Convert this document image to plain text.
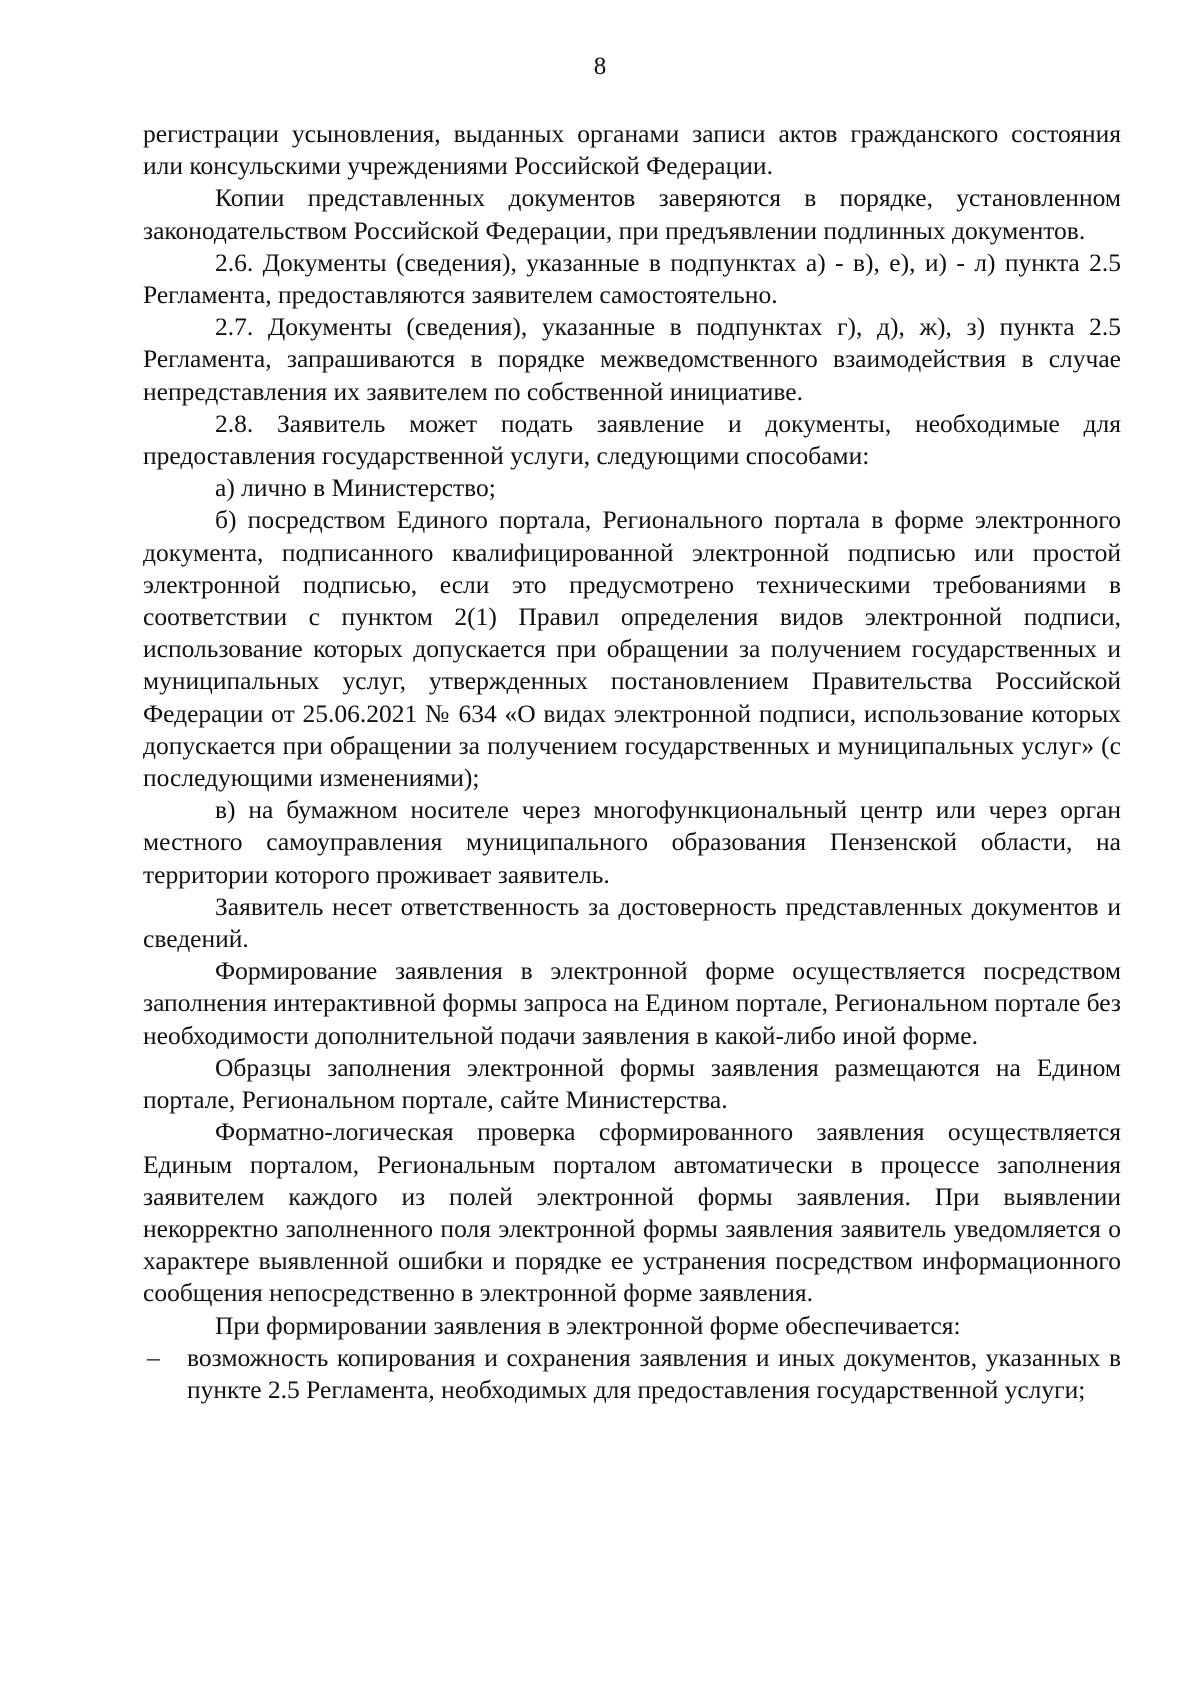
8

регистрации усыновления, выданных органами записи актов гражданского состояния или консульскими учреждениями Российской Федерации.

Копии представленных документов заверяются в порядке, установленном законодательством Российской Федерации, при предъявлении подлинных документов.

2.6. Документы (сведения), указанные в подпунктах а) - в), е), и) - л) пункта 2.5 Регламента, предоставляются заявителем самостоятельно.

2.7. Документы (сведения), указанные в подпунктах г), д), ж), з) пункта 2.5 Регламента, запрашиваются в порядке межведомственного взаимодействия в случае непредставления их заявителем по собственной инициативе.

2.8. Заявитель может подать заявление и документы, необходимые для предоставления государственной услуги, следующими способами:

а) лично в Министерство;

б) посредством Единого портала, Регионального портала в форме электронного документа, подписанного квалифицированной электронной подписью или простой электронной подписью, если это предусмотрено техническими требованиями в соответствии с пунктом 2(1) Правил определения видов электронной подписи, использование которых допускается при обращении за получением государственных и муниципальных услуг, утвержденных постановлением Правительства Российской Федерации от 25.06.2021 № 634 «О видах электронной подписи, использование которых допускается при обращении за получением государственных и муниципальных услуг» (с последующими изменениями);

в) на бумажном носителе через многофункциональный центр или через орган местного самоуправления муниципального образования Пензенской области, на территории которого проживает заявитель.

Заявитель несет ответственность за достоверность представленных документов и сведений.

Формирование заявления в электронной форме осуществляется посредством заполнения интерактивной формы запроса на Едином портале, Региональном портале без необходимости дополнительной подачи заявления в какой-либо иной форме.

Образцы заполнения электронной формы заявления размещаются на Едином портале, Региональном портале, сайте Министерства.

Форматно-логическая проверка сформированного заявления осуществляется Единым порталом, Региональным порталом автоматически в процессе заполнения заявителем каждого из полей электронной формы заявления. При выявлении некорректно заполненного поля электронной формы заявления заявитель уведомляется о характере выявленной ошибки и порядке ее устранения посредством информационного сообщения непосредственно в электронной форме заявления.

При формировании заявления в электронной форме обеспечивается:

– возможность копирования и сохранения заявления и иных документов, указанных в пункте 2.5 Регламента, необходимых для предоставления государственной услуги;
